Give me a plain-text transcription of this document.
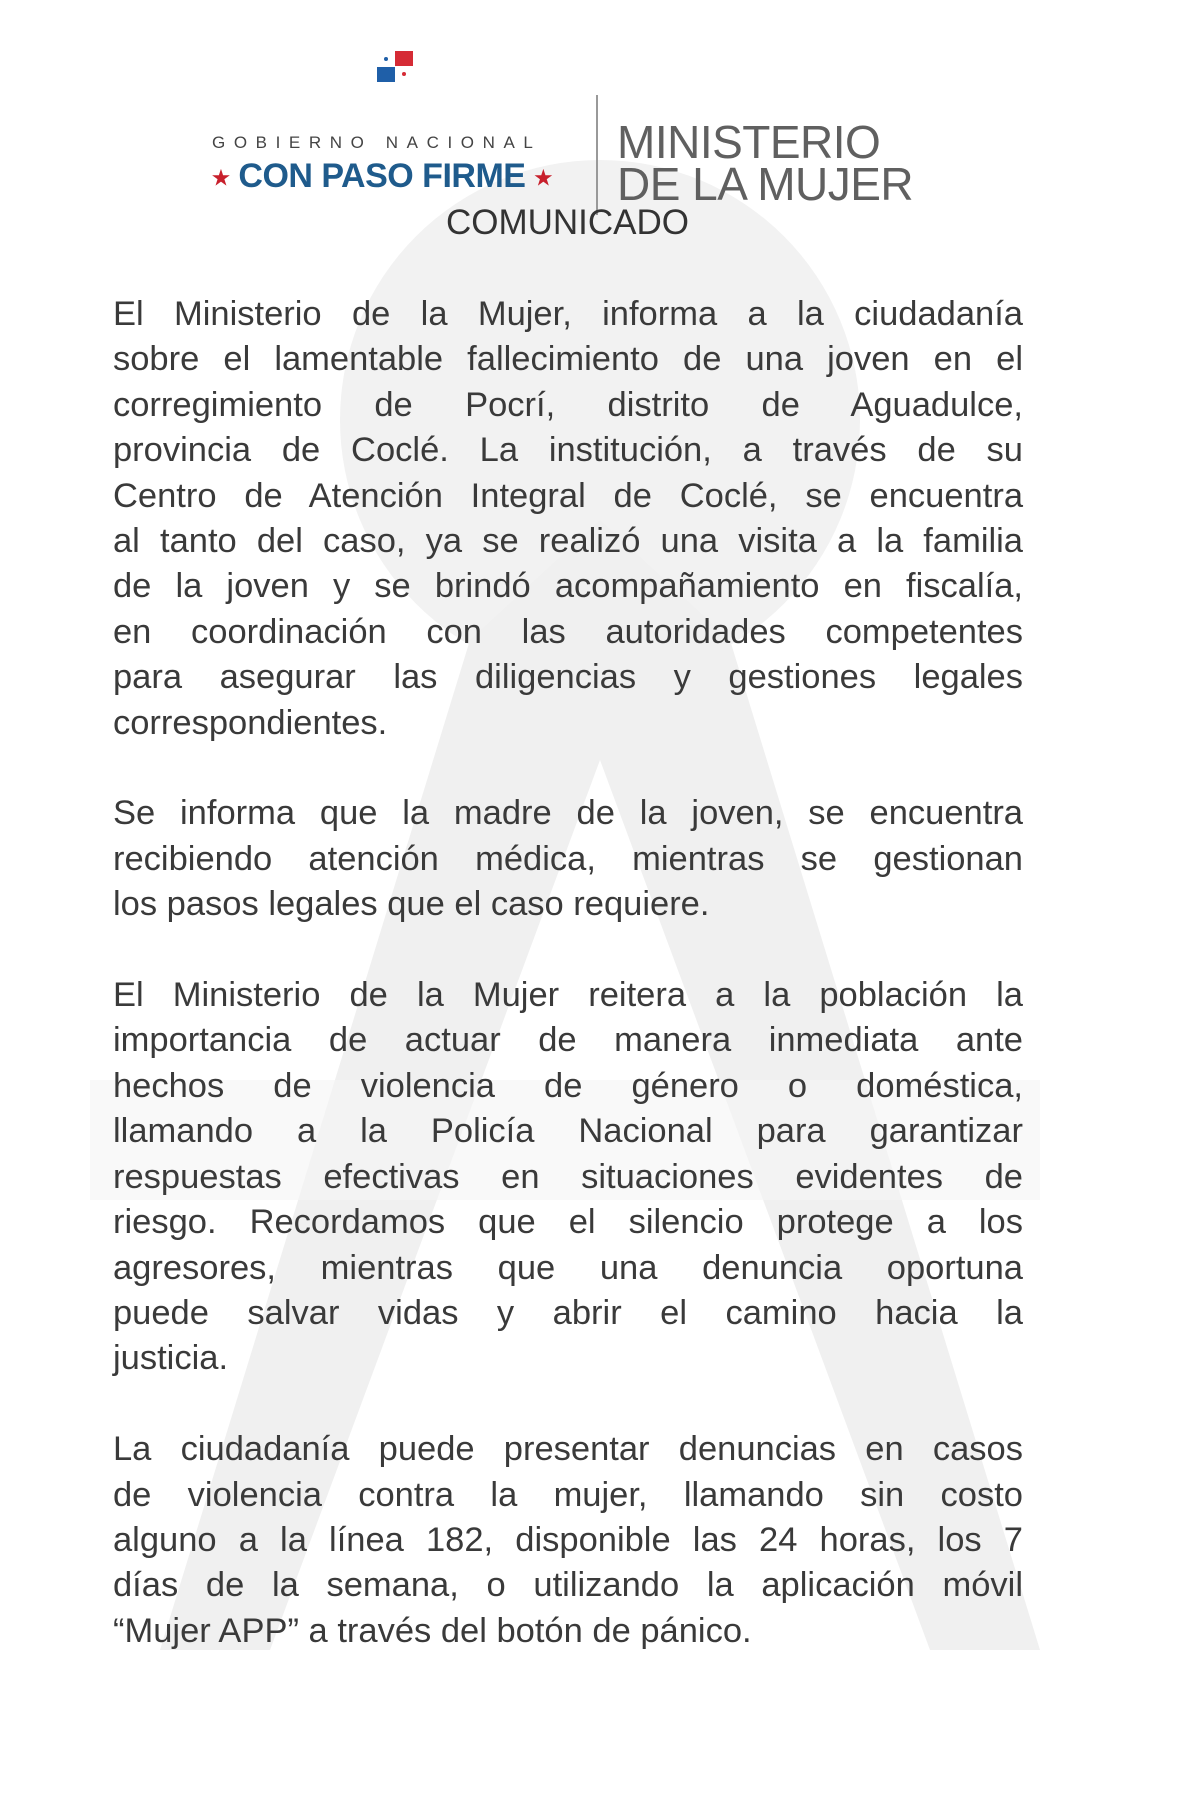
GOBIERNO NACIONAL
★ CON PASO FIRME ★
MINISTERIO
DE LA MUJER
COMUNICADO
El Ministerio de la Mujer, informa a la ciudadanía
sobre el lamentable fallecimiento de una joven en el
corregimiento de Pocrí, distrito de Aguadulce,
provincia de Coclé. La institución, a través de su
Centro de Atención Integral de Coclé, se encuentra
al tanto del caso, ya se realizó una visita a la familia
de la joven y se brindó acompañamiento en fiscalía,
en coordinación con las autoridades competentes
para asegurar las diligencias y gestiones legales
correspondientes.
Se informa que la madre de la joven, se encuentra
recibiendo atención médica, mientras se gestionan
los pasos legales que el caso requiere.
El Ministerio de la Mujer reitera a la población la
importancia de actuar de manera inmediata ante
hechos de violencia de género o doméstica,
llamando a la Policía Nacional para garantizar
respuestas efectivas en situaciones evidentes de
riesgo. Recordamos que el silencio protege a los
agresores, mientras que una denuncia oportuna
puede salvar vidas y abrir el camino hacia la
justicia.
La ciudadanía puede presentar denuncias en casos
de violencia contra la mujer, llamando sin costo
alguno a la línea 182, disponible las 24 horas, los 7
días de la semana, o utilizando la aplicación móvil
“Mujer APP” a través del botón de pánico.
